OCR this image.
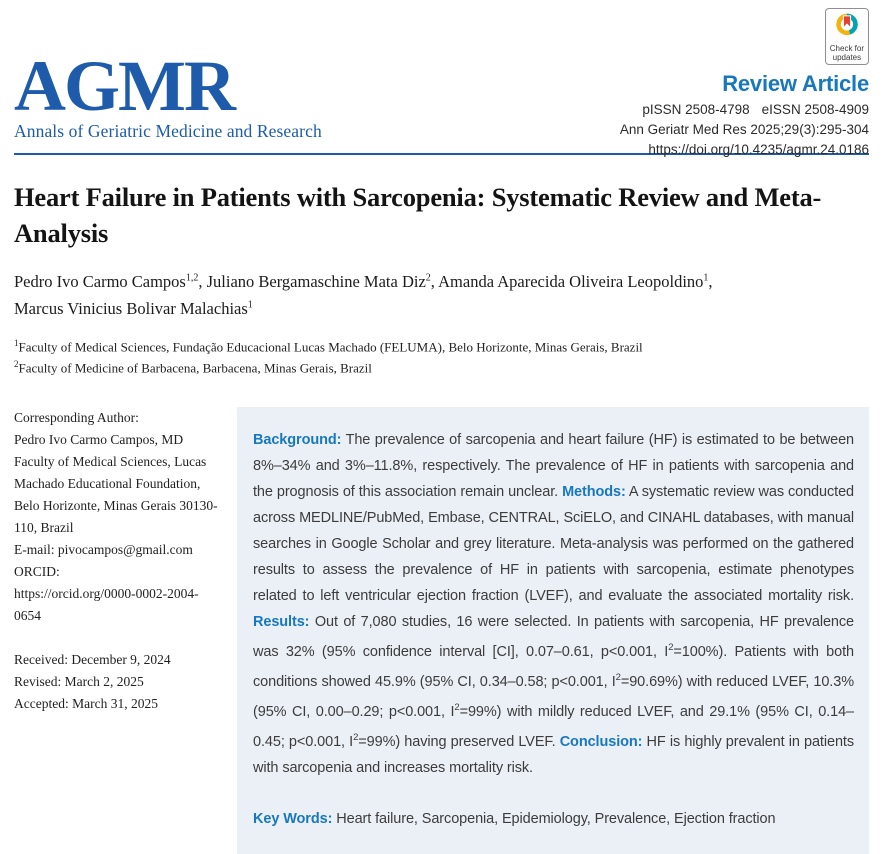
AGMR
Annals of Geriatric Medicine and Research
Check for
updates
Review Article
pISSN 2508-4798 eISSN 2508-4909
Ann Geriatr Med Res 2025;29(3):295-304
https://doi.org/10.4235/agmr.24.0186
Heart Failure in Patients with Sarcopenia: Systematic Review and Meta-Analysis
Pedro Ivo Carmo Campos$^{1,2}$, Juliano Bergamaschine Mata Diz$^2$, Amanda Aparecida Oliveira Leopoldino$^1$,
Marcus Vinicius Bolivar Malachias$^1$
$^1$Faculty of Medical Sciences, Fundação Educacional Lucas Machado (FELUMA), Belo Horizonte, Minas Gerais, Brazil
$^2$Faculty of Medicine of Barbacena, Barbacena, Minas Gerais, Brazil
Corresponding Author:
Pedro Ivo Carmo Campos, MD
Faculty of Medical Sciences, Lucas Machado Educational Foundation, Belo Horizonte, Minas Gerais 30130-110, Brazil
E-mail: pivocampos@gmail.com
ORCID:
https://orcid.org/0000-0002-2004-0654
Received: December 9, 2024
Revised: March 2, 2025
Accepted: March 31, 2025
Background: The prevalence of sarcopenia and heart failure (HF) is estimated to be between 8%–34% and 3%–11.8%, respectively. The prevalence of HF in patients with sarcopenia and the prognosis of this association remain unclear. Methods: A systematic review was conducted across MEDLINE/PubMed, Embase, CENTRAL, SciELO, and CINAHL databases, with manual searches in Google Scholar and grey literature. Meta-analysis was performed on the gathered results to assess the prevalence of HF in patients with sarcopenia, estimate phenotypes related to left ventricular ejection fraction (LVEF), and evaluate the associated mortality risk. Results: Out of 7,080 studies, 16 were selected. In patients with sarcopenia, HF prevalence was 32% (95% confidence interval [CI], 0.07–0.61, p<0.001, $I^2=100\%$). Patients with both conditions showed 45.9% (95% CI, 0.34–0.58; p<0.001, $I^2=90.69\%$) with reduced LVEF, 10.3% (95% CI, 0.00–0.29; p<0.001, $I^2=99\%$) with mildly reduced LVEF, and 29.1% (95% CI, 0.14–0.45; p<0.001, $I^2=99\%$) having preserved LVEF. Conclusion: HF is highly prevalent in patients with sarcopenia and increases mortality risk.
Key Words: Heart failure, Sarcopenia, Epidemiology, Prevalence, Ejection fraction
